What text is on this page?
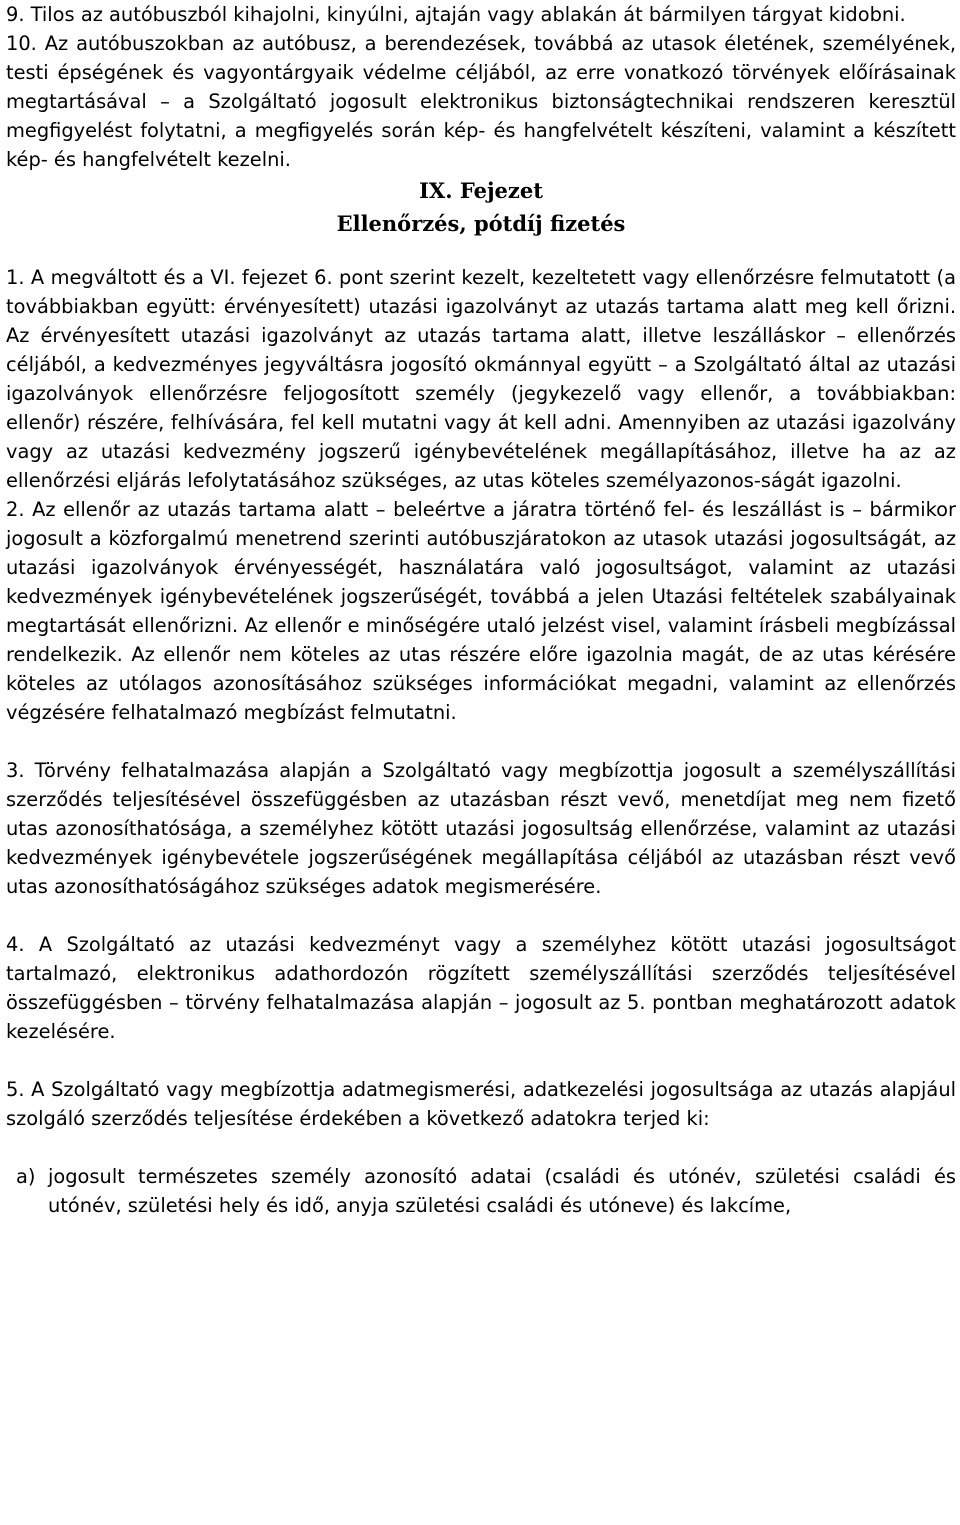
9. Tilos az autóbuszból kihajolni, kinyúlni, ajtaján vagy ablakán át bármilyen tárgyat kidobni.

10. Az autóbuszokban az autóbusz, a berendezések, továbbá az utasok életének, személyének, testi épségének és vagyontárgyaik védelme céljából, az erre vonatkozó törvények előírásainak megtartásával – a Szolgáltató jogosult elektronikus biztonságtechnikai rendszeren keresztül megfigyelést folytatni, a megfigyelés során kép- és hangfelvételt készíteni, valamint a készített kép- és hangfelvételt kezelni.

IX. Fejezet
Ellenőrzés, pótdíj fizetés

1. A megváltott és a VI. fejezet 6. pont szerint kezelt, kezeltetett vagy ellenőrzésre felmutatott (a továbbiakban együtt: érvényesített) utazási igazolványt az utazás tartama alatt meg kell őrizni. Az érvényesített utazási igazolványt az utazás tartama alatt, illetve leszálláskor – ellenőrzés céljából, a kedvezményes jegyváltásra jogosító okmánnyal együtt – a Szolgáltató által az utazási igazolványok ellenőrzésre feljogosított személy (jegykezelő vagy ellenőr, a továbbiakban: ellenőr) részére, felhívására, fel kell mutatni vagy át kell adni. Amennyiben az utazási igazolvány vagy az utazási kedvezmény jogszerű igénybevételének megállapításához, illetve ha az az ellenőrzési eljárás lefolytatásához szükséges, az utas köteles személyazonos-ságát igazolni.

2. Az ellenőr az utazás tartama alatt – beleértve a járatra történő fel- és leszállást is – bármikor jogosult a közforgalmú menetrend szerinti autóbuszjáratokon az utasok utazási jogosultságát, az utazási igazolványok érvényességét, használatára való jogosultságot, valamint az utazási kedvezmények igénybevételének jogszerűségét, továbbá a jelen Utazási feltételek szabályainak megtartását ellenőrizni. Az ellenőr e minőségére utaló jelzést visel, valamint írásbeli megbízással rendelkezik. Az ellenőr nem köteles az utas részére előre igazolnia magát, de az utas kérésére köteles az utólagos azonosításához szükséges információkat megadni, valamint az ellenőrzés végzésére felhatalmazó megbízást felmutatni.

3. Törvény felhatalmazása alapján a Szolgáltató vagy megbízottja jogosult a személyszállítási szerződés teljesítésével összefüggésben az utazásban részt vevő, menetdíjat meg nem fizető utas azonosíthatósága, a személyhez kötött utazási jogosultság ellenőrzése, valamint az utazási kedvezmények igénybevétele jogszerűségének megállapítása céljából az utazásban részt vevő utas azonosíthatóságához szükséges adatok megismerésére.

4. A Szolgáltató az utazási kedvezményt vagy a személyhez kötött utazási jogosultságot tartalmazó, elektronikus adathordozón rögzített személyszállítási szerződés teljesítésével összefüggésben – törvény felhatalmazása alapján – jogosult az 5. pontban meghatározott adatok kezelésére.

5. A Szolgáltató vagy megbízottja adatmegismerési, adatkezelési jogosultsága az utazás alapjául szolgáló szerződés teljesítése érdekében a következő adatokra terjed ki:

a) jogosult természetes személy azonosító adatai (családi és utónév, születési családi és utónév, születési hely és idő, anyja születési családi és utóneve) és lakcíme,
